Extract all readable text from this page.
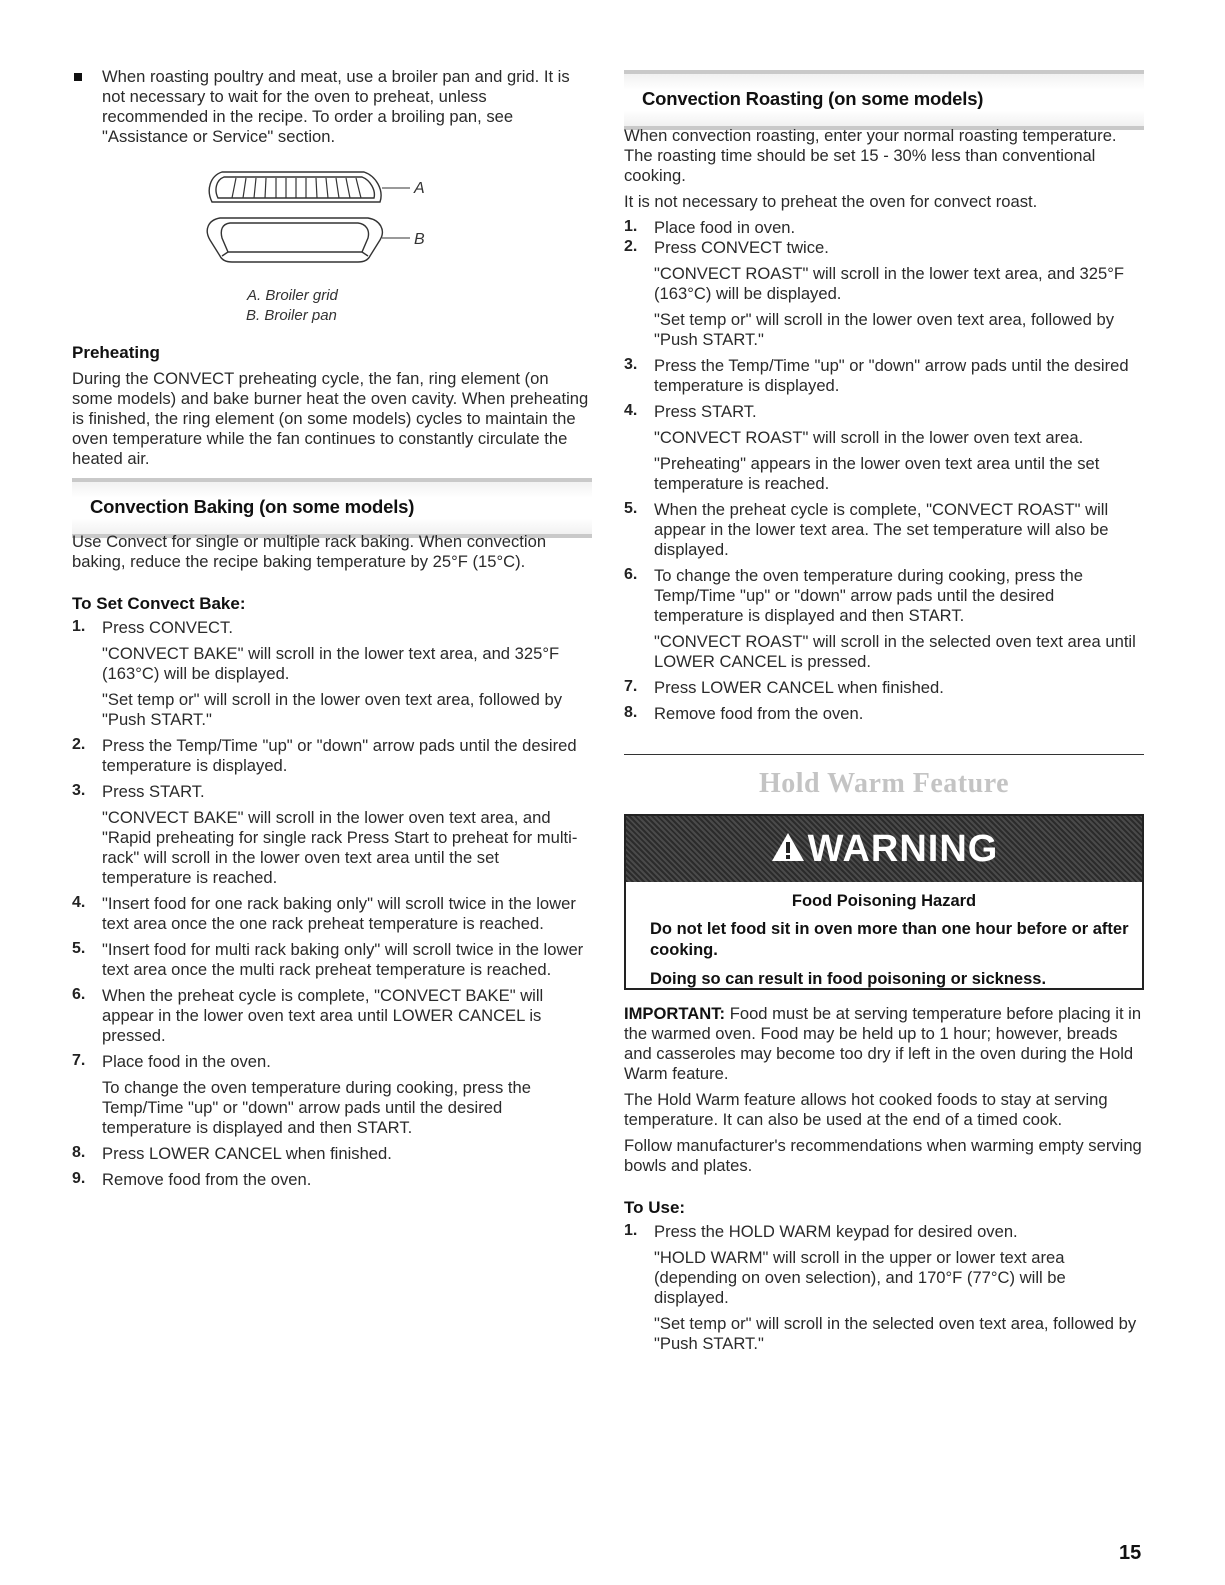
When roasting poultry and meat, use a broiler pan and grid. It is not necessary to wait for the oven to preheat, unless recommended in the recipe. To order a broiling pan, see "Assistance or Service" section.

A
B
A. Broiler grid
B. Broiler pan
Preheating

During the CONVECT preheating cycle, the fan, ring element (on some models) and bake burner heat the oven cavity. When preheating is finished, the ring element (on some models) cycles to maintain the oven temperature while the fan continues to constantly circulate the heated air.

Convection Baking (on some models)

Use Convect for single or multiple rack baking. When convection baking, reduce the recipe baking temperature by 25°F (15°C).

To Set Convect Bake:
1. Press CONVECT.

"CONVECT BAKE" will scroll in the lower text area, and 325°F (163°C) will be displayed.

"Set temp or" will scroll in the lower oven text area, followed by "Push START."

2. Press the Temp/Time "up" or "down" arrow pads until the desired temperature is displayed.

3. Press START.

"CONVECT BAKE" will scroll in the lower oven text area, and "Rapid preheating for single rack Press Start to preheat for multi-rack" will scroll in the lower oven text area until the set temperature is reached.

4. "Insert food for one rack baking only" will scroll twice in the lower text area once the one rack preheat temperature is reached.

5. "Insert food for multi rack baking only" will scroll twice in the lower text area once the multi rack preheat temperature is reached.

6. When the preheat cycle is complete, "CONVECT BAKE" will appear in the lower oven text area until LOWER CANCEL is pressed.

7. Place food in the oven.

To change the oven temperature during cooking, press the Temp/Time "up" or "down" arrow pads until the desired temperature is displayed and then START.

8. Press LOWER CANCEL when finished.

9. Remove food from the oven.

Convection Roasting (on some models)

When convection roasting, enter your normal roasting temperature. The roasting time should be set 15 - 30% less than conventional cooking.

It is not necessary to preheat the oven for convect roast.

1. Place food in oven.

2. Press CONVECT twice.

"CONVECT ROAST" will scroll in the lower text area, and 325°F (163°C) will be displayed.

"Set temp or" will scroll in the lower oven text area, followed by "Push START."

3. Press the Temp/Time "up" or "down" arrow pads until the desired temperature is displayed.

4. Press START.

"CONVECT ROAST" will scroll in the lower oven text area.

"Preheating" appears in the lower oven text area until the set temperature is reached.

5. When the preheat cycle is complete, "CONVECT ROAST" will appear in the lower text area. The set temperature will also be displayed.

6. To change the oven temperature during cooking, press the Temp/Time "up" or "down" arrow pads until the desired temperature is displayed and then START.

"CONVECT ROAST" will scroll in the selected oven text area until LOWER CANCEL is pressed.

7. Press LOWER CANCEL when finished.

8. Remove food from the oven.

Hold Warm Feature
WARNING
Food Poisoning Hazard
Do not let food sit in oven more than one hour before or after cooking.
Doing so can result in food poisoning or sickness.

IMPORTANT: Food must be at serving temperature before placing it in the warmed oven. Food may be held up to 1 hour; however, breads and casseroles may become too dry if left in the oven during the Hold Warm feature.

The Hold Warm feature allows hot cooked foods to stay at serving temperature. It can also be used at the end of a timed cook.

Follow manufacturer's recommendations when warming empty serving bowls and plates.

To Use:
1. Press the HOLD WARM keypad for desired oven.

"HOLD WARM" will scroll in the upper or lower text area (depending on oven selection), and 170°F (77°C) will be displayed.

"Set temp or" will scroll in the selected oven text area, followed by "Push START."

15
